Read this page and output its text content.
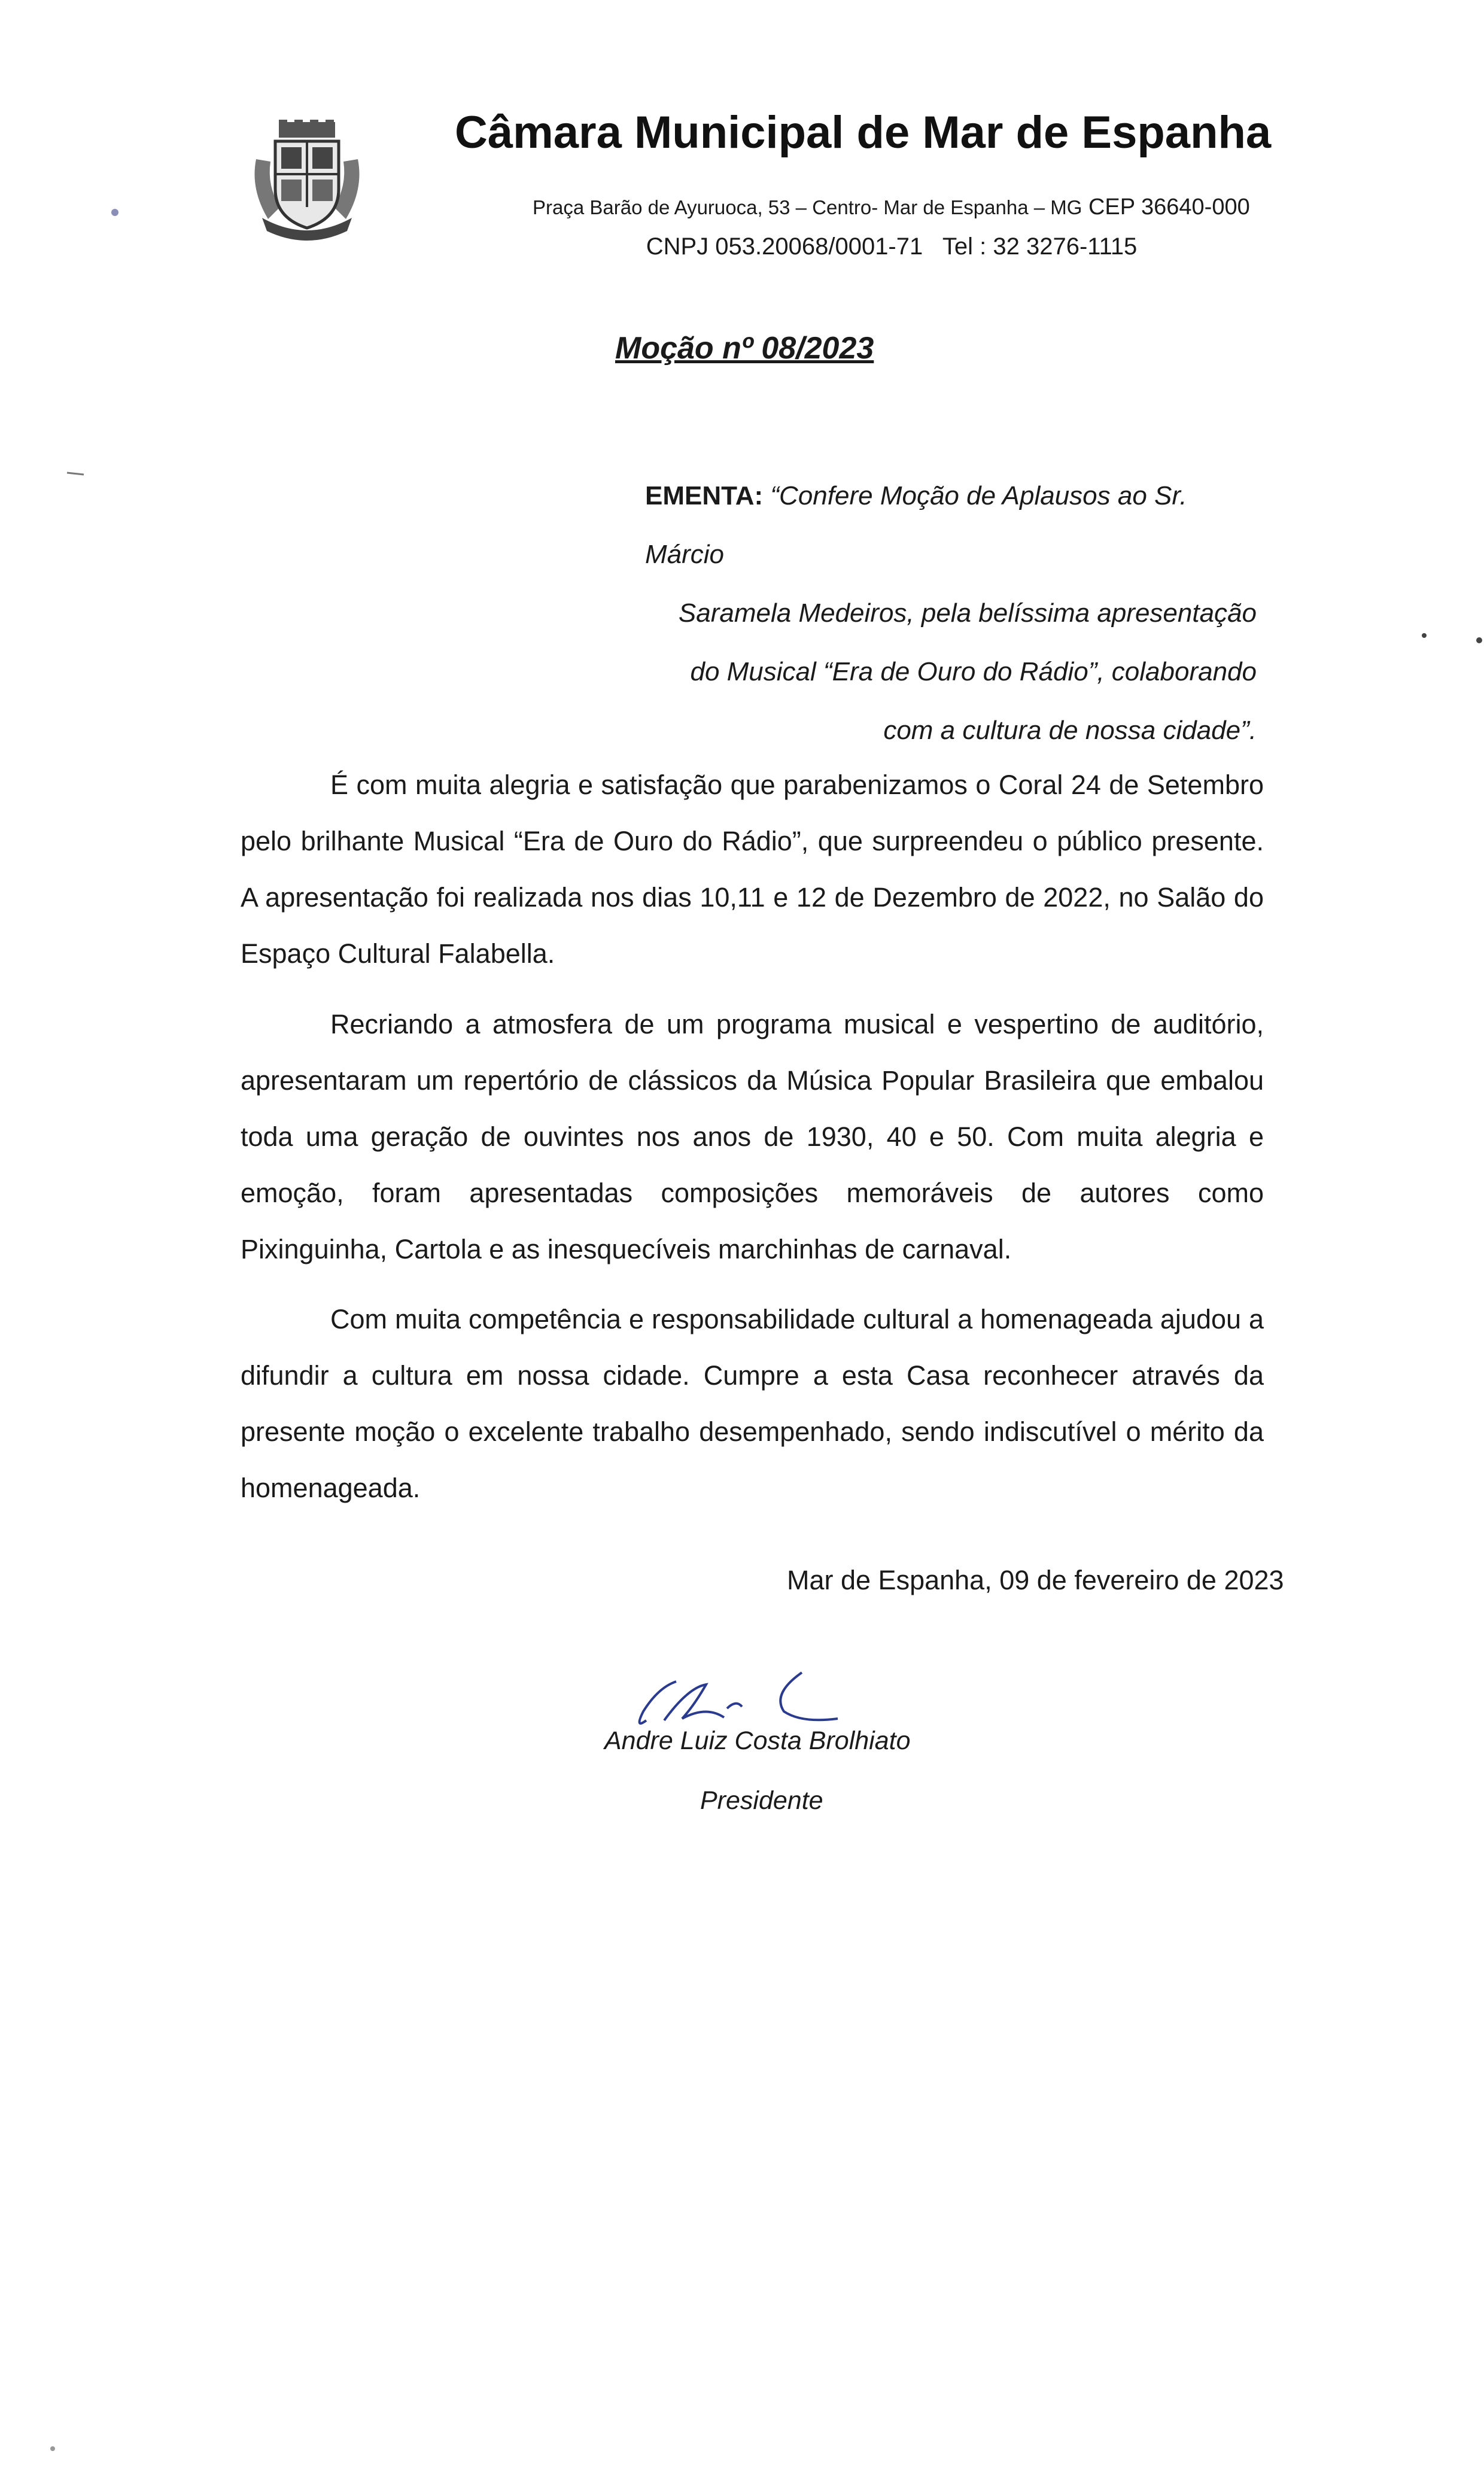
Câmara Municipal de Mar de Espanha
Praça Barão de Ayuruoca, 53 – Centro- Mar de Espanha – MG CEP 36640-000
CNPJ 053.20068/0001-71 Tel : 32 3276-1115
Moção nº 08/2023
EMENTA: “Confere Moção de Aplausos ao Sr. Márcio
Saramela Medeiros, pela belíssima apresentação
do Musical “Era de Ouro do Rádio”, colaborando
com a cultura de nossa cidade”.
É com muita alegria e satisfação que parabenizamos o Coral 24 de Setembro pelo brilhante Musical “Era de Ouro do Rádio”, que surpreendeu o público presente. A apresentação foi realizada nos dias 10,11 e 12 de Dezembro de 2022, no Salão do Espaço Cultural Falabella.
Recriando a atmosfera de um programa musical e vespertino de auditório, apresentaram um repertório de clássicos da Música Popular Brasileira que embalou toda uma geração de ouvintes nos anos de 1930, 40 e 50. Com muita alegria e emoção, foram apresentadas composições memoráveis de autores como Pixinguinha, Cartola e as inesquecíveis marchinhas de carnaval.
Com muita competência e responsabilidade cultural a homenageada ajudou a difundir a cultura em nossa cidade. Cumpre a esta Casa reconhecer através da presente moção o excelente trabalho desempenhado, sendo indiscutível o mérito da homenageada.
Mar de Espanha, 09 de fevereiro de 2023
Andre Luiz Costa Brolhiato
Presidente
